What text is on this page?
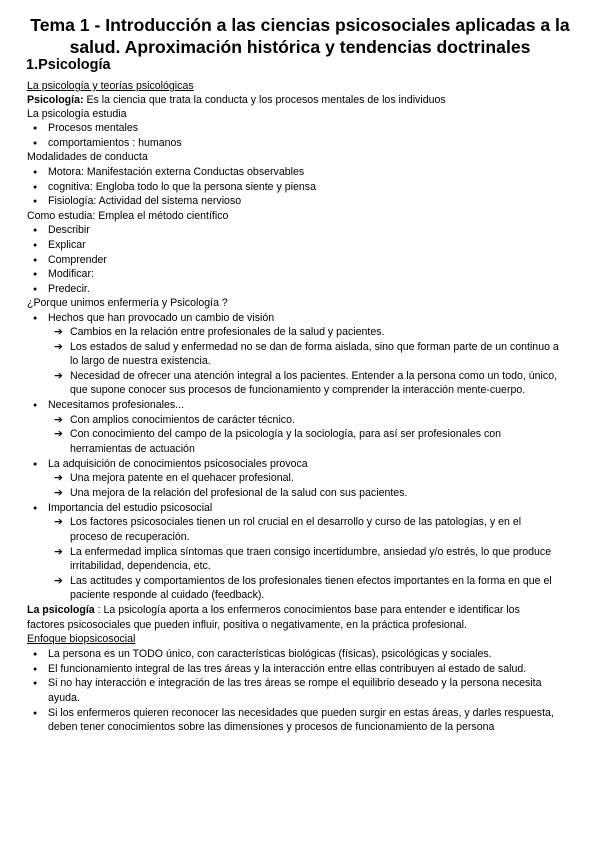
Tema 1 - Introducción a las ciencias psicosociales aplicadas a la
salud. Aproximación histórica y tendencias doctrinales
1.Psicología
La psicología y teorías psicológicas
Psicología: Es la ciencia que trata la conducta y los procesos mentales de los individuos
La psicología estudia
● Procesos mentales
● comportamientos : humanos
Modalidades de conducta
● Motora: Manifestación externa Conductas observables
● cognitiva: Engloba todo lo que la persona siente y piensa
● Fisiología: Actividad del sistema nervioso
Como estudia: Emplea el método científico
● Describir
● Explicar
● Comprender
● Modificar:
● Predecir.
¿Porque unimos enfermería y Psicología ?
● Hechos que han provocado un cambio de visión
➔ Cambios en la relación entre profesionales de la salud y pacientes.
➔ Los estados de salud y enfermedad no se dan de forma aislada, sino que forman parte de un continuo a
lo largo de nuestra existencia.
➔ Necesidad de ofrecer una atención integral a los pacientes. Entender a la persona como un todo, único,
que supone conocer sus procesos de funcionamiento y comprender la interacción mente-cuerpo.
● Necesitamos profesionales...
➔ Con amplios conocimientos de carácter técnico.
➔ Con conocimiento del campo de la psicología y la sociología, para así ser profesionales con
herramientas de actuación
● La adquisición de conocimientos psicosociales provoca
➔ Una mejora patente en el quehacer profesional.
➔ Una mejora de la relación del profesional de la salud con sus pacientes.
● Importancia del estudio psicosocial
➔ Los factores psicosociales tienen un rol crucial en el desarrollo y curso de las patologías, y en el
proceso de recuperación.
➔ La enfermedad implica síntomas que traen consigo incertidumbre, ansiedad y/o estrés, lo que produce
irritabilidad, dependencia, etc.
➔ Las actitudes y comportamientos de los profesionales tienen efectos importantes en la forma en que el
paciente responde al cuidado (feedback).
La psicología : La psicología aporta a los enfermeros conocimientos base para entender e identificar los
factores psicosociales que pueden influir, positiva o negativamente, en la práctica profesional.
Enfoque biopsicosocial
● La persona es un TODO único, con características biológicas (físicas), psicológicas y sociales.
● El funcionamiento integral de las tres áreas y la interacción entre ellas contribuyen al estado de salud.
● Si no hay interacción e integración de las tres áreas se rompe el equilibrio deseado y la persona necesita
ayuda.
● Si los enfermeros quieren reconocer las necesidades que pueden surgir en estas áreas, y darles respuesta,
deben tener conocimientos sobre las dimensiones y procesos de funcionamiento de la persona
